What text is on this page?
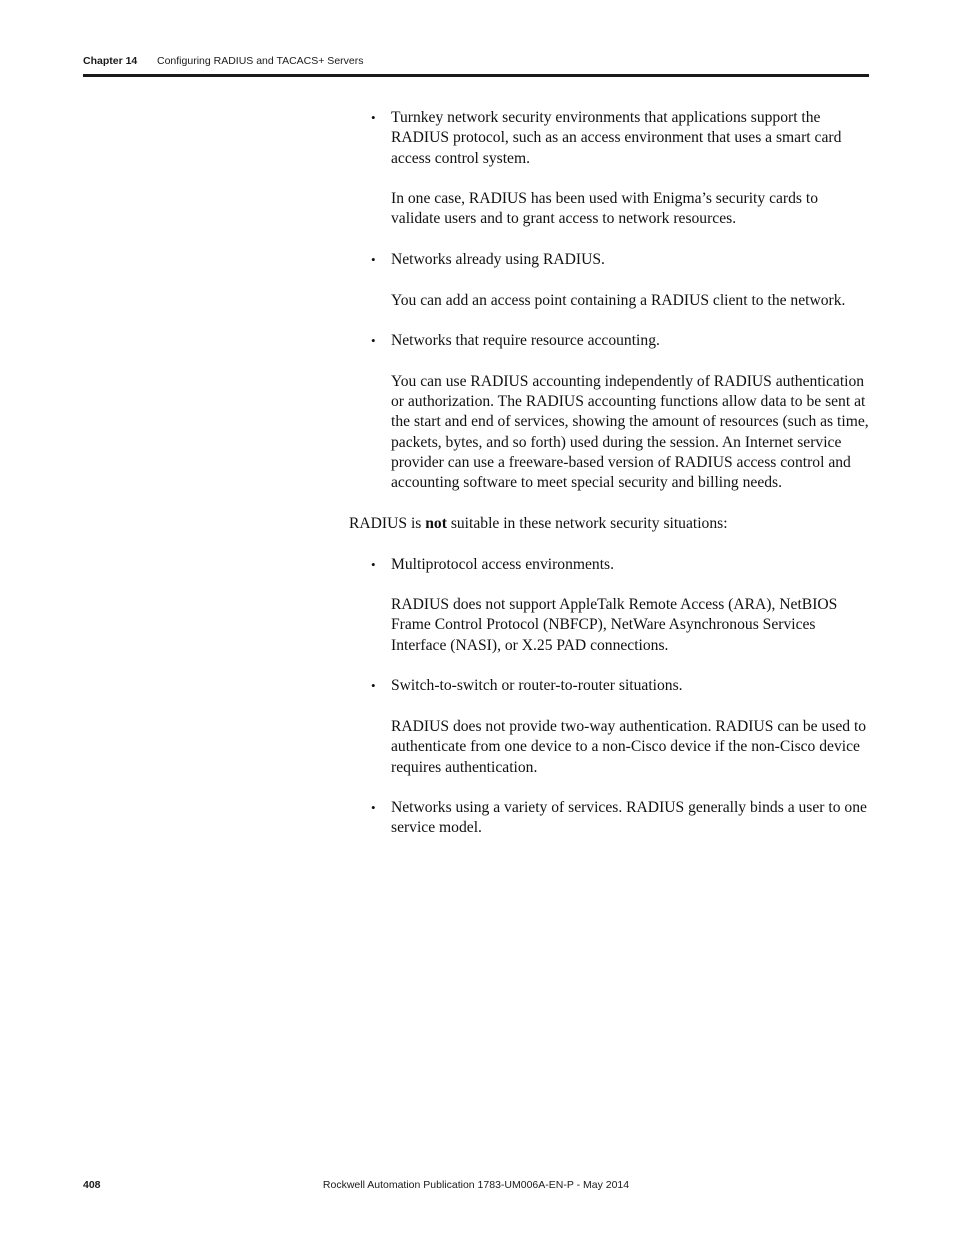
Chapter 14 Configuring RADIUS and TACACS+ Servers
• Turnkey network security environments that applications support the RADIUS protocol, such as an access environment that uses a smart card access control system.

In one case, RADIUS has been used with Enigma’s security cards to validate users and to grant access to network resources.

• Networks already using RADIUS.

You can add an access point containing a RADIUS client to the network.

• Networks that require resource accounting.

You can use RADIUS accounting independently of RADIUS authentication or authorization. The RADIUS accounting functions allow data to be sent at the start and end of services, showing the amount of resources (such as time, packets, bytes, and so forth) used during the session. An Internet service provider can use a freeware-based version of RADIUS access control and accounting software to meet special security and billing needs.

RADIUS is not suitable in these network security situations:

• Multiprotocol access environments.

RADIUS does not support AppleTalk Remote Access (ARA), NetBIOS Frame Control Protocol (NBFCP), NetWare Asynchronous Services Interface (NASI), or X.25 PAD connections.

• Switch-to-switch or router-to-router situations.

RADIUS does not provide two-way authentication. RADIUS can be used to authenticate from one device to a non-Cisco device if the non-Cisco device requires authentication.

• Networks using a variety of services. RADIUS generally binds a user to one service model.

408	Rockwell Automation Publication 1783-UM006A-EN-P - May 2014
